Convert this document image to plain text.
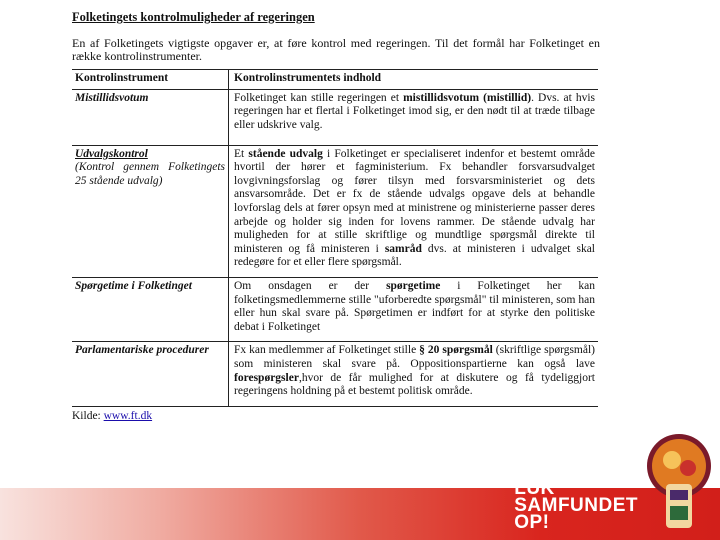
Folketingets kontrolmuligheder af regeringen

En af Folketingets vigtigste opgaver er, at føre kontrol med regeringen. Til det formål har Folketinget en række kontrolinstrumenter.

Kontrolinstrument	Kontrolinstrumentets indhold
Mistillidsvotum	Folketinget kan stille regeringen et mistillidsvotum (mistillid). Dvs. at hvis regeringen har et flertal i Folketinget imod sig, er den nødt til at træde tilbage eller udskrive valg.

Udvalgskontrol
(Kontrol gennem Folketingets 25 stående udvalg)	Et stående udvalg i Folketinget er specialiseret indenfor et bestemt område hvortil der hører et fagministerium. Fx behandler forsvarsudvalget lovgivningsforslag og fører tilsyn med forsvarsministeriet og dets ansvarsområde. Det er fx de stående udvalgs opgave dels at behandle lovforslag dels at fører opsyn med at ministrene og ministerierne passer deres arbejde og holder sig inden for lovens rammer. De stående udvalg har muligheden for at stille skriftlige og mundtlige spørgsmål direkte til ministeren og få ministeren i samråd dvs. at ministeren i udvalget skal redegøre for et eller flere spørgsmål.
Spørgetime i Folketinget	Om onsdagen er der spørgetime i Folketinget her kan folketingsmedlemmerne stille "uforberedte spørgsmål" til ministeren, som han eller hun skal svare på. Spørgetimen er indført for at styrke den politiske debat i Folketinget
Parlamentariske procedurer	Fx kan medlemmer af Folketinget stille § 20 spørgsmål (skriftlige spørgsmål) som ministeren skal svare på. Oppositionspartierne kan også lave forespørgsler,hvor de får mulighed for at diskutere og få tydeliggjort regeringens holdning på et bestemt politisk område.
Kilde: www.ft.dk
LUK
SAMFUNDET
OP!
